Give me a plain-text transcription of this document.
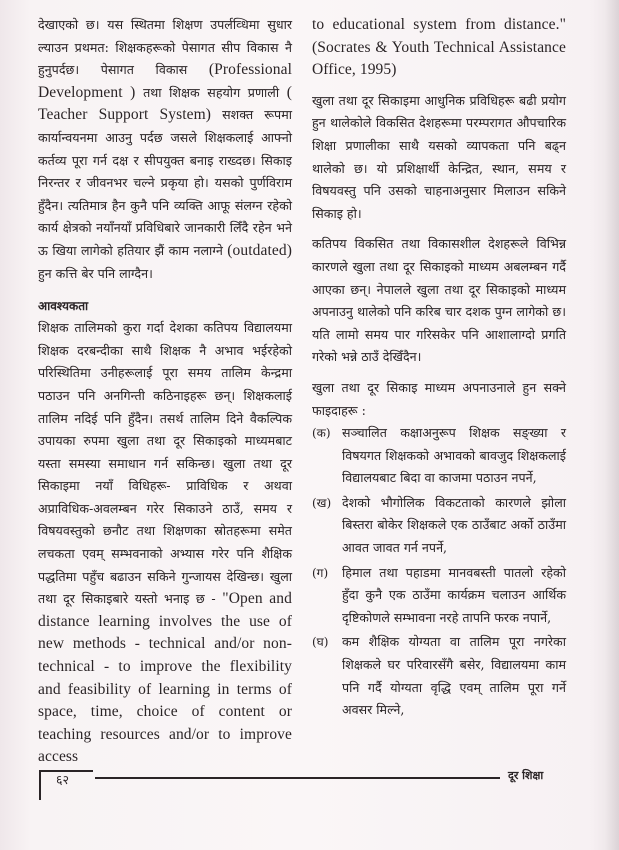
देखाएको छ। यस स्थितमा शिक्षण उपर्लव्धिमा सुधार ल्याउन प्रथमत: शिक्षकहरूको पेसागत सीप विकास नै हुनुपर्दछ। पेसागत विकास (Professional Development ) तथा शिक्षक सहयोग प्रणाली ( Teacher Support System) सशक्त रूपमा कार्यान्वयनमा आउनु पर्दछ जसले शिक्षकलाई आफ्नो कर्तव्य पूरा गर्न दक्ष र सीपयुक्त बनाइ राख्दछ। सिकाइ निरन्तर र जीवनभर चल्ने प्रकृया हो। यसको पुर्णविराम हुँदैन। त्यतिमात्र हैन कुनै पनि व्यक्ति आफू संलग्न रहेको कार्य क्षेत्रको नयाँनयाँ प्रविधिबारे जानकारी लिँदै रहेन भने ऊ खिया लागेको हतियार झैं काम नलाग्ने (outdated) हुन कत्ति बेर पनि लाग्दैन।

आवश्यकता

शिक्षक तालिमको कुरा गर्दा देशका कतिपय विद्यालयमा शिक्षक दरबन्दीका साथै शिक्षक नै अभाव भईरहेको परिस्थितिमा उनीहरूलाई पूरा समय तालिम केन्द्रमा पठाउन पनि अनगिन्ती कठिनाइहरू छन्। शिक्षकलाई तालिम नदिई पनि हुँदैन। तसर्थ तालिम दिने वैकल्पिक उपायका रुपमा खुला तथा दूर सिकाइको माध्यमबाट यस्ता समस्या समाधान गर्न सकिन्छ। खुला तथा दूर सिकाइमा नयाँ विधिहरू- प्राविधिक र अथवा अप्राविधिक-अवलम्बन गरेर सिकाउने ठाउँ, समय र विषयवस्तुको छनौट तथा शिक्षणका स्रोतहरूमा समेत लचकता एवम् सम्भवनाको अभ्यास गरेर पनि शैक्षिक पद्धतिमा पहुँच बढाउन सकिने गुन्जायस देखिन्छ। खुला तथा दूर सिकाइबारे यस्तो भनाइ छ - "Open and distance learning involves the use of new methods - technical and/or non-technical - to improve the flexibility and feasibility of learning in terms of space, time, choice of content or teaching resources and/or to improve access

to educational system from distance." (Socrates & Youth Technical Assistance Office, 1995)

खुला तथा दूर सिकाइमा आधुनिक प्रविधिहरू बढी प्रयोग हुन थालेकोले विकसित देशहरूमा परम्परागत औपचारिक शिक्षा प्रणालीका साथै यसको व्यापकता पनि बढ्न थालेको छ। यो प्रशिक्षार्थी केन्द्रित, स्थान, समय र विषयवस्तु पनि उसको चाहनाअनुसार मिलाउन सकिने सिकाइ हो।

कतिपय विकसित तथा विकासशील देशहरूले विभिन्न कारणले खुला तथा दूर सिकाइको माध्यम अबलम्बन गर्दै आएका छन्। नेपालले खुला तथा दूर सिकाइको माध्यम अपनाउनु थालेको पनि करिब चार दशक पुग्न लागेको छ। यति लामो समय पार गरिसकेर पनि आशालाग्दो प्रगति गरेको भन्ने ठाउँ देखिँदैन।

खुला तथा दूर सिकाइ माध्यम अपनाउनाले हुन सक्ने फाइदाहरू :

(क) सञ्चालित कक्षाअनुरूप शिक्षक सङ्ख्या र विषयगत शिक्षकको अभावको बावजुद शिक्षकलाई विद्यालयबाट बिदा वा काजमा पठाउन नपर्ने,
(ख) देशको भौगोलिक विकटताको कारणले झोला बिस्तरा बोकेर शिक्षकले एक ठाउँबाट अर्को ठाउँमा आवत जावत गर्न नपर्ने,
(ग) हिमाल तथा पहाडमा मानवबस्ती पातलो रहेको हुँदा कुनै एक ठाउँमा कार्यक्रम चलाउन आर्थिक दृष्टिकोणले सम्भावना नरहे तापनि फरक नपार्ने,
(घ) कम शैक्षिक योग्यता वा तालिम पूरा नगरेका शिक्षकले घर परिवारसँगै बसेर, विद्यालयमा काम पनि गर्दै योग्यता वृद्धि एवम् तालिम पूरा गर्ने अवसर मिल्ने,
६२	दूर शिक्षा
